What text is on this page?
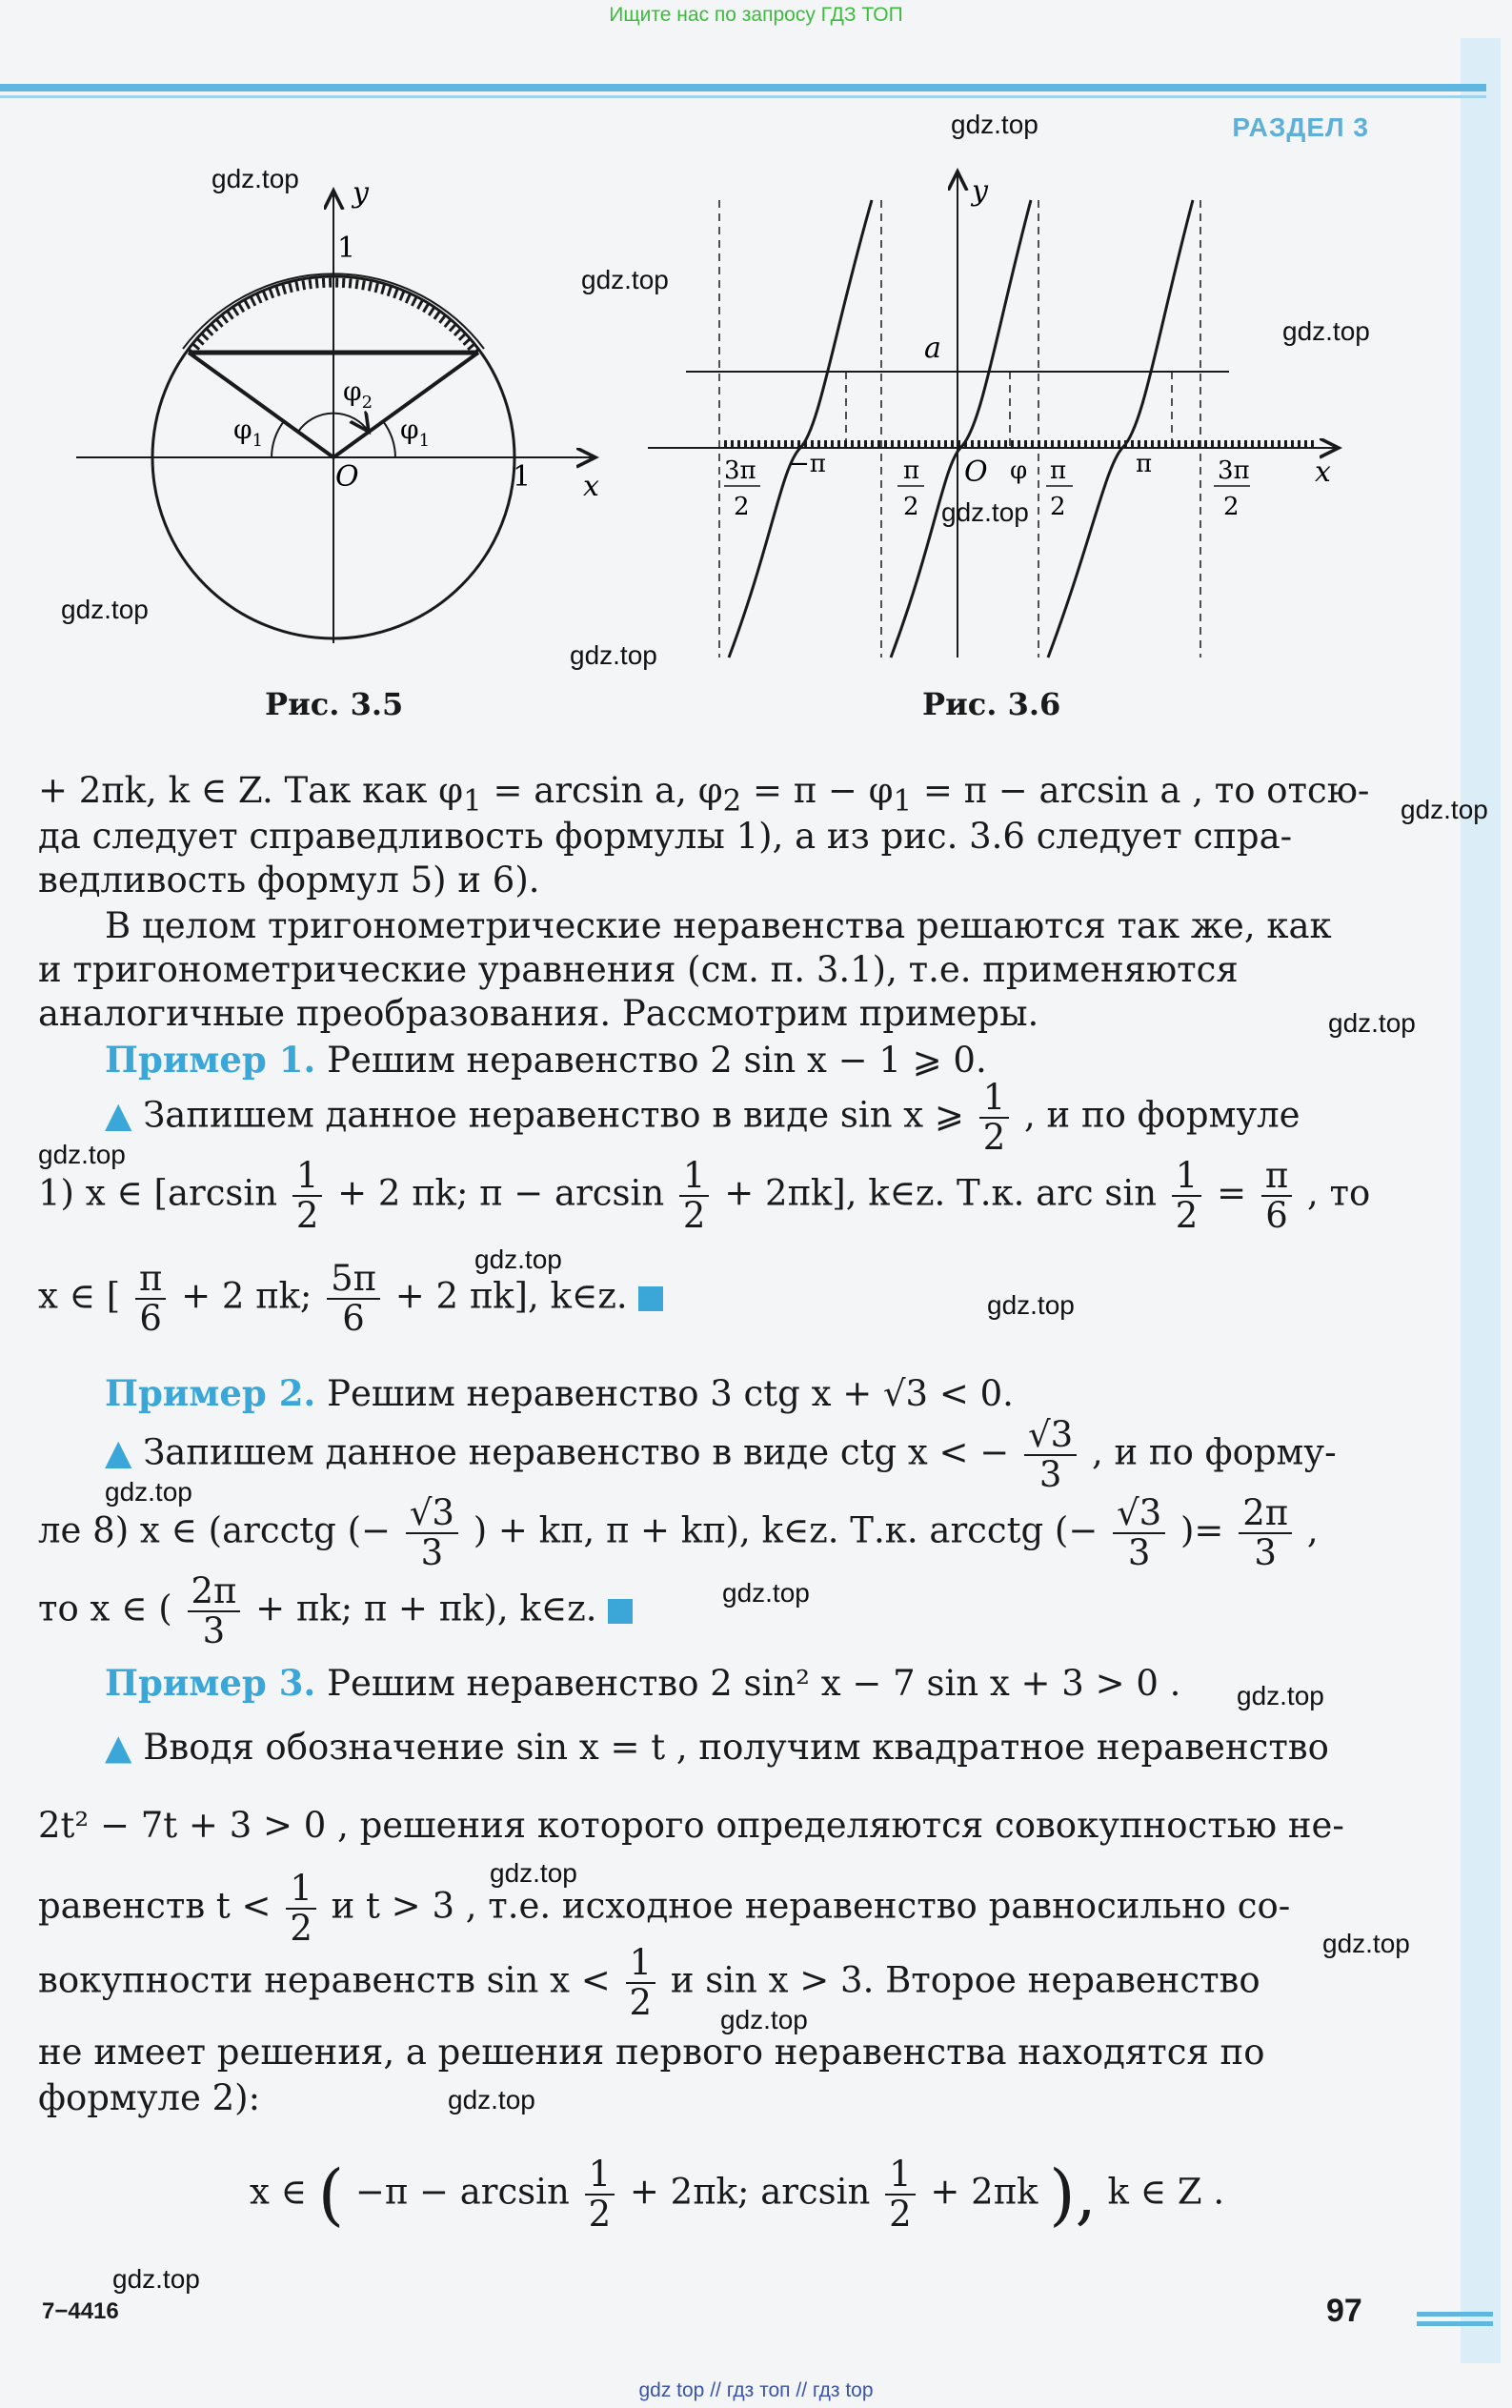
Ищите нас по запросу ГДЗ ТОП
РАЗДЕЛ 3
y
x
1
1
O
$\varphi_1$	$\varphi_1$
$\varphi_2$
Рис. 3.5
y
x
a
O φ
3π
2
−π	π
2
π
2
π	3π
2
Рис. 3.6
+ 2πk, k ∈ Z. Так как $\varphi_1 = \arcsin a$, $\varphi_2 = \pi - \varphi_1 = \pi - \arcsin a$ , то отсю-
да следует справедливость формулы 1), а из рис. 3.6 следует спра-
ведливость формул 5) и 6).
В целом тригонометрические неравенства решаются так же, как
и тригонометрические уравнения (см. п. 3.1), т.е. применяются
аналогичные преобразования. Рассмотрим примеры.
Пример 1. Решим неравенство 2 sin x − 1 ⩾ 0.
▲ Запишем данное неравенство в виде sin x ⩾ $\frac{1}{2}$ , и по формуле
1) x ∈ [$\arcsin \frac{1}{2} + 2$ πk; $\pi - \arcsin \frac{1}{2} + 2\pi k$], k∈z. Т.к. arc $\sin \frac{1}{2} = \frac{\pi}{6}$ , то
x ∈ [ $\frac{\pi}{6} + 2$ πk; $\frac{5\pi}{6} + 2$ πk], k∈z.
Пример 2. Решим неравенство 3 ctg x + √3 < 0.
▲ Запишем данное неравенство в виде ctg x < − $\frac{√3}{3}$ , и по форму-
ле 8) x ∈ (arcctg (− $\frac{√3}{3}$ ) + kπ, π + kπ), k∈z. Т.к. arcctg (− $\frac{√3}{3}$ )= $\frac{2\pi}{3}$ ,
то x ∈ ( $\frac{2\pi}{3} + \pi k$; π + πk), k∈z.
Пример 3. Решим неравенство 2 sin² x − 7 sin x + 3 > 0 .
▲ Вводя обозначение sin x = t , получим квадратное неравенство
2t² − 7t + 3 > 0 , решения которого определяются совокупностью не-
равенств $t < \frac{1}{2}$ и t > 3 , т.е. исходное неравенство равносильно со-
вокупности неравенств $\sin x < \frac{1}{2}$ и sin x > 3. Второе неравенство
не имеет решения, а решения первого неравенства находятся по
формуле 2):
x ∈ ( $-\pi - \arcsin \frac{1}{2} + 2\pi k$; $\arcsin \frac{1}{2} + 2\pi k$ ), k ∈ Z .
gdz.top
gdz.top
gdz.top
gdz.top
gdz.top
gdz.top
gdz.top
gdz.top
gdz.top
gdz.top
gdz.top
gdz.top
gdz.top
gdz.top
gdz.top
gdz.top
gdz.top
gdz.top
gdz.top
gdz.top
7−4416	97
gdz top // гдз топ // гдз top
